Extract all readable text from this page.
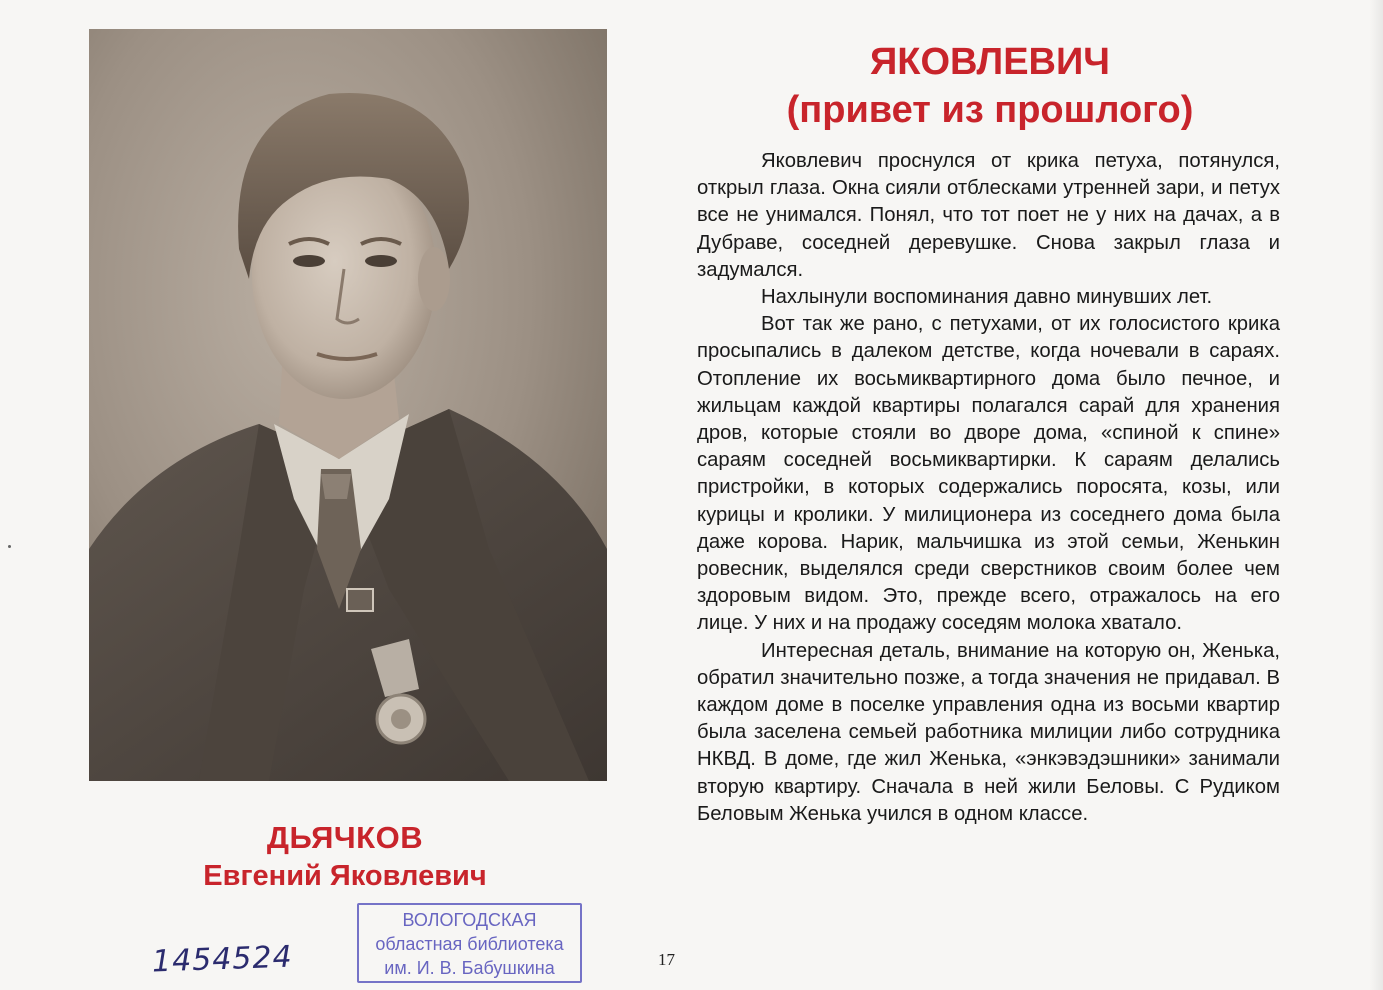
ДЬЯЧКОВ
Евгений Яковлевич
1454524
ВОЛОГОДСКАЯ
областная библиотека
им. И. В. Бабушкина	17
ЯКОВЛЕВИЧ
(привет из прошлого)

Яковлевич проснулся от крика петуха, потянулся, открыл глаза. Окна сияли отблесками утренней зари, и петух все не унимался. Понял, что тот поет не у них на дачах, а в Дубраве, соседней деревушке. Снова закрыл глаза и задумался.

Нахлынули воспоминания давно минувших лет.

Вот так же рано, с петухами, от их голосистого крика просыпались в далеком детстве, когда ночевали в сараях. Отопление их восьмиквартирного дома было печное, и жильцам каждой квартиры полагался сарай для хранения дров, которые стояли во дворе дома, «спиной к спине» сараям соседней восьмиквартирки. К сараям делались пристройки, в которых содержались поросята, козы, или курицы и кролики. У милиционера из соседнего дома была даже корова. Нарик, мальчишка из этой семьи, Женькин ровесник, выделялся среди сверстников своим более чем здоровым видом. Это, прежде всего, отражалось на его лице. У них и на продажу соседям молока хватало.

Интересная деталь, внимание на которую он, Женька, обратил значительно позже, а тогда значения не придавал. В каждом доме в поселке управления одна из восьми квартир была заселена семьей работника милиции либо сотрудника НКВД. В доме, где жил Женька, «энкэвэдэшники» занимали вторую квартиру. Сначала в ней жили Беловы. С Рудиком Беловым Женька учился в одном классе.
